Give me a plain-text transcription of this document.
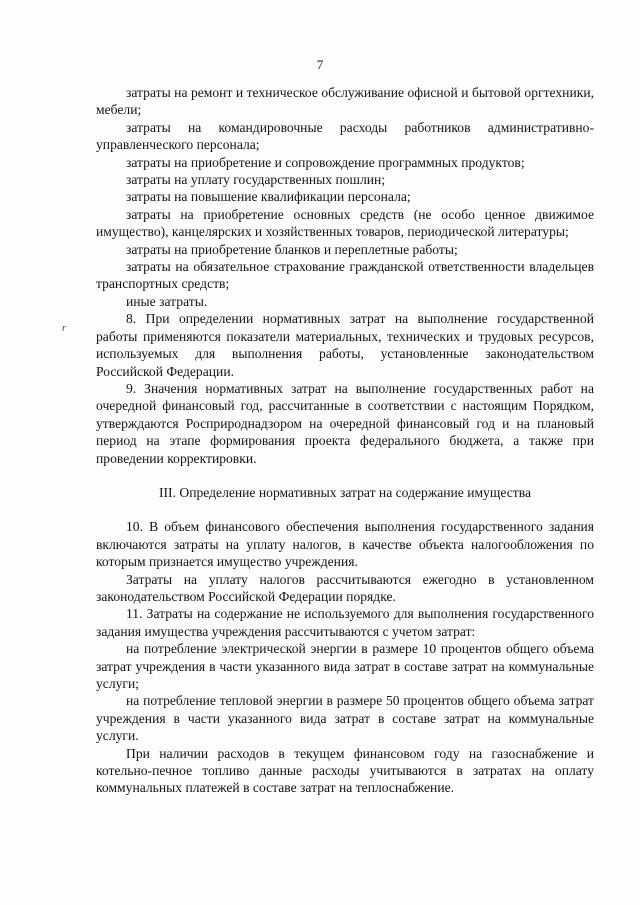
7
r

затраты на ремонт и техническое обслуживание офисной и бытовой оргтехники, мебели;

затраты на командировочные расходы работников административно-управленческого персонала;

затраты на приобретение и сопровождение программных продуктов;

затраты на уплату государственных пошлин;

затраты на повышение квалификации персонала;

затраты на приобретение основных средств (не особо ценное движимое имущество), канцелярских и хозяйственных товаров, периодической литературы;

затраты на приобретение бланков и переплетные работы;

затраты на обязательное страхование гражданской ответственности владельцев транспортных средств;

иные затраты.

8. При определении нормативных затрат на выполнение государственной работы применяются показатели материальных, технических и трудовых ресурсов, используемых для выполнения работы, установленные законодательством Российской Федерации.

9. Значения нормативных затрат на выполнение государственных работ на очередной финансовый год, рассчитанные в соответствии с настоящим Порядком, утверждаются Росприроднадзором на очередной финансовый год и на плановый период на этапе формирования проекта федерального бюджета, а также при проведении корректировки.

III. Определение нормативных затрат на содержание имущества

10. В объем финансового обеспечения выполнения государственного задания включаются затраты на уплату налогов, в качестве объекта налогообложения по которым признается имущество учреждения.

Затраты на уплату налогов рассчитываются ежегодно в установленном законодательством Российской Федерации порядке.

11. Затраты на содержание не используемого для выполнения государственного задания имущества учреждения рассчитываются с учетом затрат:

на потребление электрической энергии в размере 10 процентов общего объема затрат учреждения в части указанного вида затрат в составе затрат на коммунальные услуги;

на потребление тепловой энергии в размере 50 процентов общего объема затрат учреждения в части указанного вида затрат в составе затрат на коммунальные услуги.

При наличии расходов в текущем финансовом году на газоснабжение и котельно-печное топливо данные расходы учитываются в затратах на оплату коммунальных платежей в составе затрат на теплоснабжение.
